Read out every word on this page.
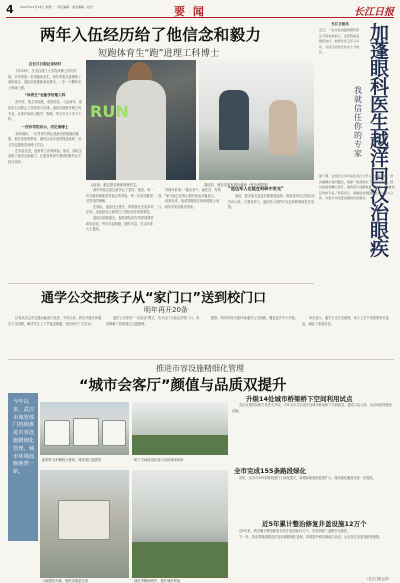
4 2024年12月23日 星期一 · 责任编辑 · 美术编辑 · 校对	要 闻	长江日报
两年入伍经历给了他信念和毅力
短跑体育生“跑”进理工科博士
在长江日报社采访时

今年29岁，在武汉理工大学攻读博士学位的他，早年曾是一名短跑体育生。两年军旅生涯锤炼了他的意志，退伍后他重新拿起课本，一步一个脚印走上科研之路。

“体育生”也能学好理工科

高中时，他主攻短跑，成绩优异。入伍两年，部队的生活教会了他坚持与自律。退伍后他报考理工科专业，从零开始补习数学、物理，每天学习十多个小时。

一次补考的启示，决定读博士

本科期间，一次考试失利让他意识到基础的重要，他反复钻研教材，最终以优异成绩保送读研，后又决定继续攻读博士学位。

在实验室里，他常常工作到深夜。他说，部队生活给了他信念和毅力，让他在科研中遇到困难时从不轻言放弃。

RUN
入伍前，姜宏是名校体育特长生。	退伍后，他在实验室进行科研（受访者供图）

两年军旅生涯让他学会了坚持。他说，每一次长跑训练都是对意志的考验，每一次站岗都是对责任的理解。

在部队，他担任过班长，带领战友完成多项任务。这段经历让他明白了团队协作的重要性。

退伍回到校园后，他把部队的作风带进课堂和实验室，每天早起晨跑，按时作息，学习效率大大提高。

导师评价他：“踏实肯干，能吃苦，有韧劲。”如今他已在核心期刊发表多篇论文。

谈到未来，他希望继续在科研道路上前行，用所学知识服务国家。

“退伍军人也能在科研中发光”

他说，很多战友退伍后都面临选择，他希望用自己的经历告诉大家，只要肯努力，退伍军人同样可以在科研领域发光发热。

长江日报讯
近日，一位来自加蓬的眼科医生专程来到武汉，在医院接受眼疾治疗。他曾在武汉学习多年，对武汉的医疗技术十分信任。
加蓬眼科医生越洋回汉治眼疾
我就信任你的专家
据了解，这位医生多年前在武汉大学人民医院进修，此次眼睛出现问题后，他第一时间联系了当年的老师。经过检查和精心治疗，他的视力逐渐恢复。他说：“我就信任你的专家。”医院表示，将继续加强国际医疗交流与合作，为更多外国患者提供优质服务。
通学公交把孩子从“家门口”送到校门口
明年再开20条

记者从武汉市交通运输部门获悉，今年以来，我市开通多条通学公交线路，解决学生上下学接送难题，受到家长广泛好评。

通学公交采用“一站直达”模式，从小区门口直达学校门口，有效缓解了校园周边交通拥堵。

据悉，明年将再开通20条通学公交线路，覆盖更多中小学校。	家长表示，通学公交安全便捷，孩子上学不再需要家长接送，减轻了家庭负担。

推进市容设施精细化管理
“城市会客厅”颜值与品质双提升
今年以来，武汉市城管部门持续推进市容设施精细化管理，城市环境面貌焕然一新。
新型环卫车辆投入使用，城市清扫更高效	桥下空间改造后成为市民休闲场所
公厕提档升级，便民设施更完善	绿化带精细养护，提升城市颜值
升级14处城市桥梁桥下空间利用试点

武汉市城管局相关负责人介绍，今年全市共完成多处城市桥梁桥下空间改造，建成口袋公园、运动场地等便民设施。

全市完成155条路段绿化

同时，全市对155条路段进行了绿化提升，新增绿地面积显著扩大，城市绿化覆盖率进一步提高。

近5年累计整治修复井盖设施12万个

近5年来，我市累计整治修复各类井盖设施12万个，有效消除了道路安全隐患。

下一步，我市将继续推进市容设施精细化管理，持续提升城市颜值与品质，让市民生活更加舒适便捷。

（长江日报记者）
